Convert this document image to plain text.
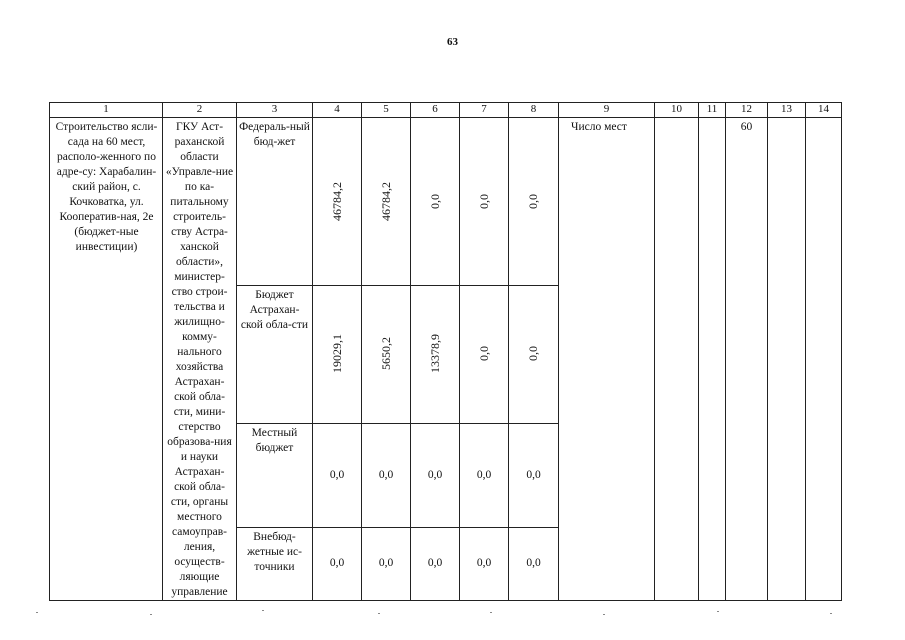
63
1	2	3	4	5	6	7	8	9	10	11	12	13	14
Строительство ясли-сада на 60 мест, располо-женного по адре-су: Харабалин-ский район, с. Кочковатка, ул. Кооператив-ная, 2е (бюджет-ные инвестиции)	ГКУ Аст-раханской области «Управле-ние по ка-питальному строитель-ству Астра-ханской области», министер-ство строи-тельства и жилищно-комму-нального хозяйства Астрахан-ской обла-сти, мини-стерство образова-ния и науки Астрахан-ской обла-сти, органы местного самоуправ-ления, осуществ-ляющие управление	Федераль-ный бюд-жет	46784,2	46784,2	0,0	0,0	0,0	Число мест			60		
		Бюджет Астрахан-ской обла-сти	19029,1	5650,2	13378,9	0,0	0,0						
		Местный бюджет	0,0	0,0	0,0	0,0	0,0						
		Внебюд-жетные ис-точники	0,0	0,0	0,0	0,0	0,0						
